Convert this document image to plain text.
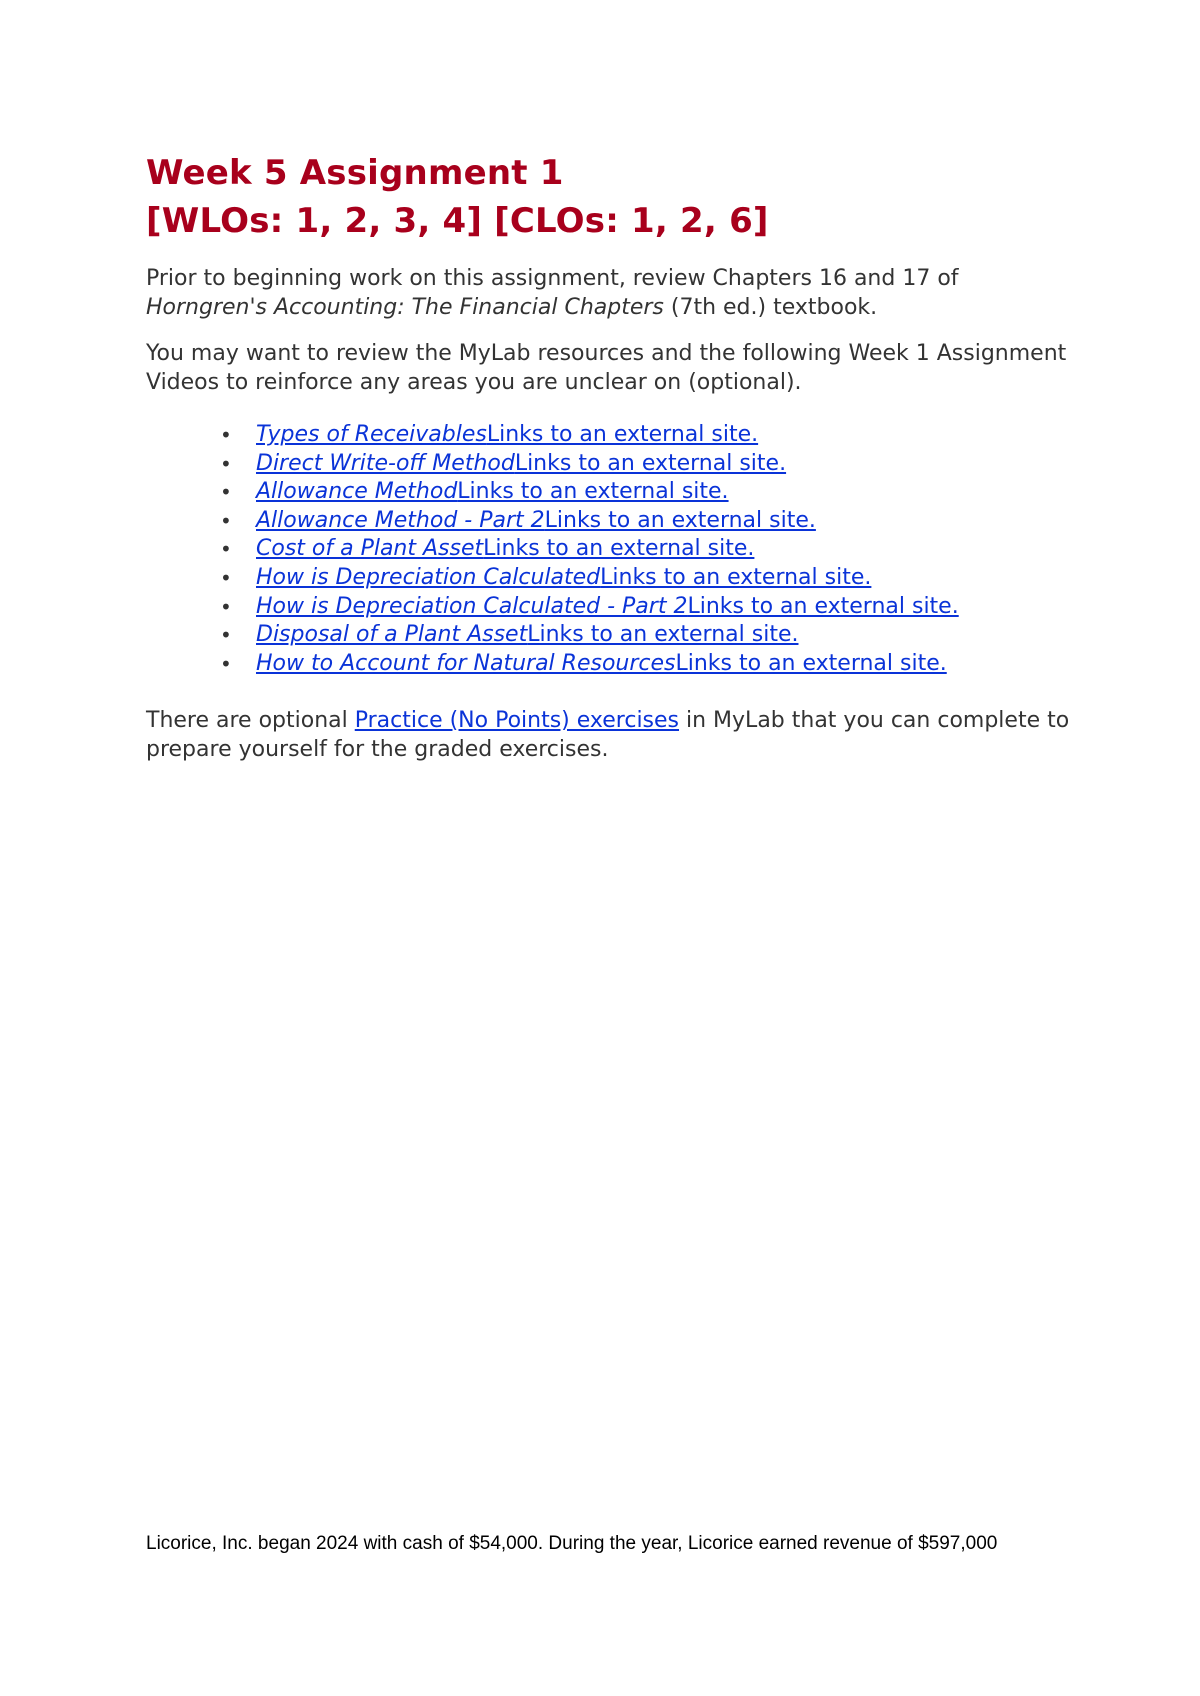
Week 5 Assignment 1
[WLOs: 1, 2, 3, 4] [CLOs: 1, 2, 6]

Prior to beginning work on this assignment, review Chapters 16 and 17 of Horngren's Accounting: The Financial Chapters (7th ed.) textbook.

You may want to review the MyLab resources and the following Week 1 Assignment Videos to reinforce any areas you are unclear on (optional).

• Types of ReceivablesLinks to an external site.
• Direct Write-off MethodLinks to an external site.
• Allowance MethodLinks to an external site.
• Allowance Method - Part 2Links to an external site.
• Cost of a Plant AssetLinks to an external site.
• How is Depreciation CalculatedLinks to an external site.
• How is Depreciation Calculated - Part 2Links to an external site.
• Disposal of a Plant AssetLinks to an external site.
• How to Account for Natural ResourcesLinks to an external site.

There are optional Practice (No Points) exercises in MyLab that you can complete to prepare yourself for the graded exercises.

Licorice, Inc. began 2024 with cash of $54,000. During the year, Licorice earned revenue of $597,000
